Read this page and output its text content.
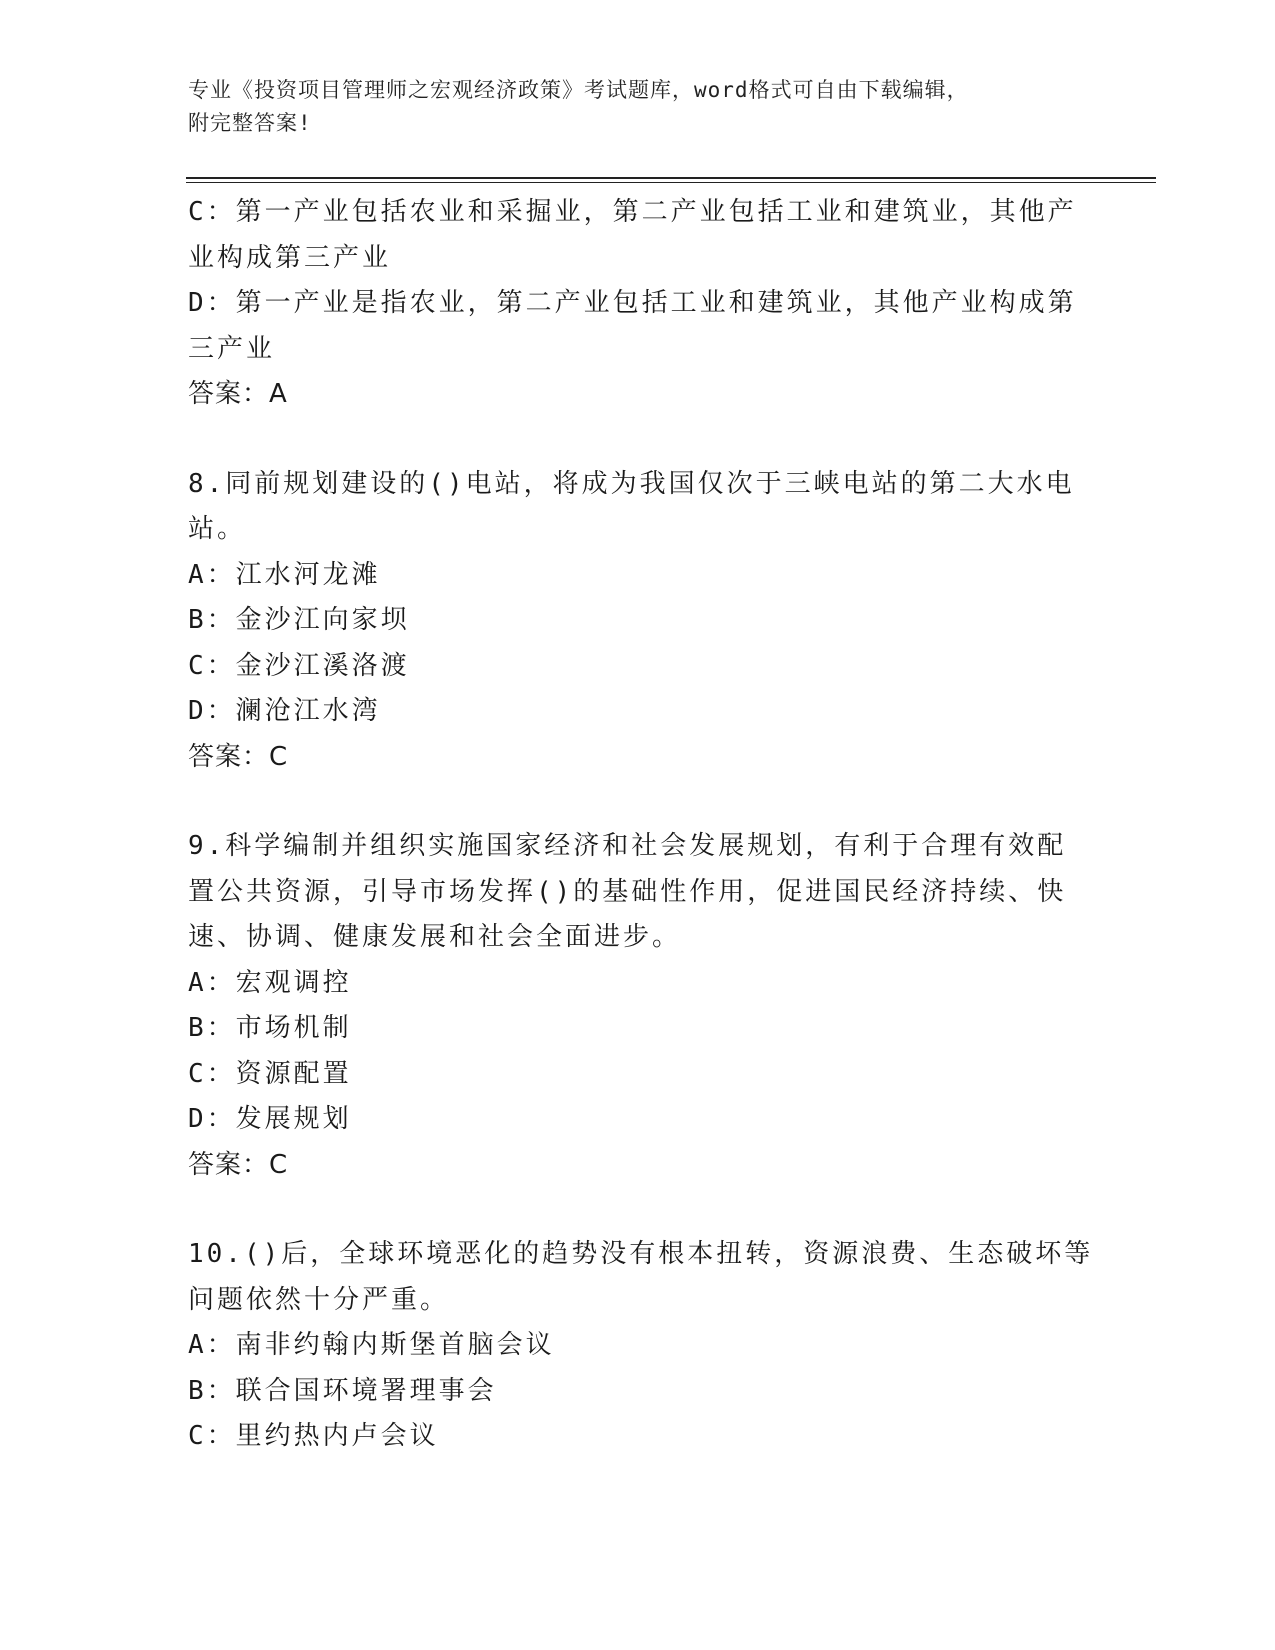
专业《投资项目管理师之宏观经济政策》考试题库，word格式可自由下载编辑，
附完整答案!
C：第一产业包括农业和采掘业，第二产业包括工业和建筑业，其他产
业构成第三产业
D：第一产业是指农业，第二产业包括工业和建筑业，其他产业构成第
三产业
答案：A
8.同前规划建设的()电站，将成为我国仅次于三峡电站的第二大水电
站。
A：江水河龙滩
B：金沙江向家坝
C：金沙江溪洛渡
D：澜沧江水湾
答案：C
9.科学编制并组织实施国家经济和社会发展规划，有利于合理有效配
置公共资源，引导市场发挥()的基础性作用，促进国民经济持续、快
速、协调、健康发展和社会全面进步。
A：宏观调控
B：市场机制
C：资源配置
D：发展规划
答案：C
10.()后，全球环境恶化的趋势没有根本扭转，资源浪费、生态破坏等
问题依然十分严重。
A：南非约翰内斯堡首脑会议
B：联合国环境署理事会
C：里约热内卢会议
